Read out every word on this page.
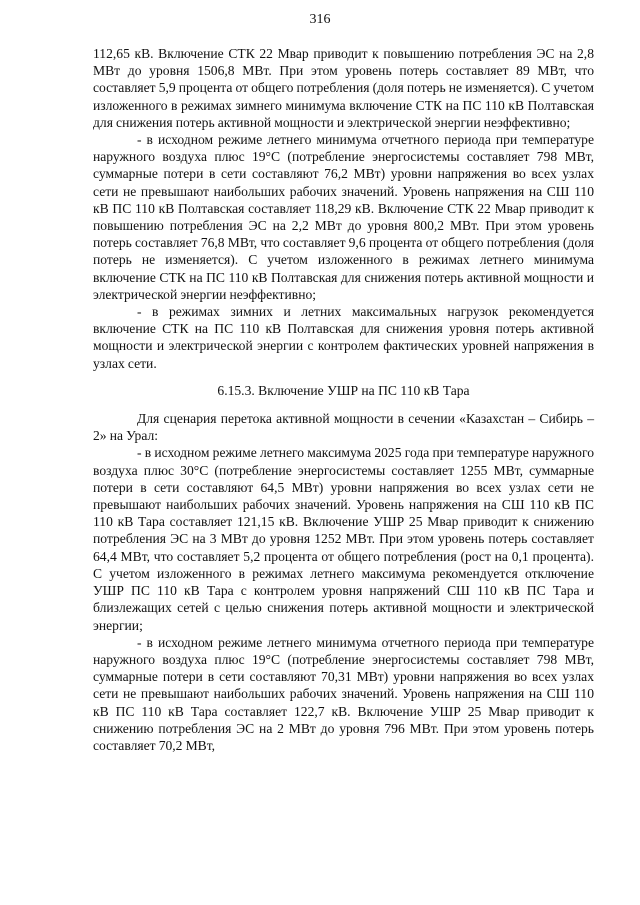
316

112,65 кВ. Включение СТК 22 Мвар приводит к повышению потребления ЭС на 2,8 МВт до уровня 1506,8 МВт. При этом уровень потерь составляет 89 МВт, что составляет 5,9 процента от общего потребления (доля потерь не изменяется). С учетом изложенного в режимах зимнего минимума включение СТК на ПС 110 кВ Полтавская для снижения потерь активной мощности и электрической энергии неэффективно;

- в исходном режиме летнего минимума отчетного периода при температуре наружного воздуха плюс 19°C (потребление энергосистемы составляет 798 МВт, суммарные потери в сети составляют 76,2 МВт) уровни напряжения во всех узлах сети не превышают наибольших рабочих значений. Уровень напряжения на СШ 110 кВ ПС 110 кВ Полтавская составляет 118,29 кВ. Включение СТК 22 Мвар приводит к повышению потребления ЭС на 2,2 МВт до уровня 800,2 МВт. При этом уровень потерь составляет 76,8 МВт, что составляет 9,6 процента от общего потребления (доля потерь не изменяется). С учетом изложенного в режимах летнего минимума включение СТК на ПС 110 кВ Полтавская для снижения потерь активной мощности и электрической энергии неэффективно;

- в режимах зимних и летних максимальных нагрузок рекомендуется включение СТК на ПС 110 кВ Полтавская для снижения уровня потерь активной мощности и электрической энергии с контролем фактических уровней напряжения в узлах сети.

6.15.3. Включение УШР на ПС 110 кВ Тара

Для сценария перетока активной мощности в сечении «Казахстан – Сибирь – 2» на Урал:

- в исходном режиме летнего максимума 2025 года при температуре наружного воздуха плюс 30°C (потребление энергосистемы составляет 1255 МВт, суммарные потери в сети составляют 64,5 МВт) уровни напряжения во всех узлах сети не превышают наибольших рабочих значений. Уровень напряжения на СШ 110 кВ ПС 110 кВ Тара составляет 121,15 кВ. Включение УШР 25 Мвар приводит к снижению потребления ЭС на 3 МВт до уровня 1252 МВт. При этом уровень потерь составляет 64,4 МВт, что составляет 5,2 процента от общего потребления (рост на 0,1 процента). С учетом изложенного в режимах летнего максимума рекомендуется отключение УШР ПС 110 кВ Тара с контролем уровня напряжений СШ 110 кВ ПС Тара и близлежащих сетей с целью снижения потерь активной мощности и электрической энергии;

- в исходном режиме летнего минимума отчетного периода при температуре наружного воздуха плюс 19°C (потребление энергосистемы составляет 798 МВт, суммарные потери в сети составляют 70,31 МВт) уровни напряжения во всех узлах сети не превышают наибольших рабочих значений. Уровень напряжения на СШ 110 кВ ПС 110 кВ Тара составляет 122,7 кВ. Включение УШР 25 Мвар приводит к снижению потребления ЭС на 2 МВт до уровня 796 МВт. При этом уровень потерь составляет 70,2 МВт,
